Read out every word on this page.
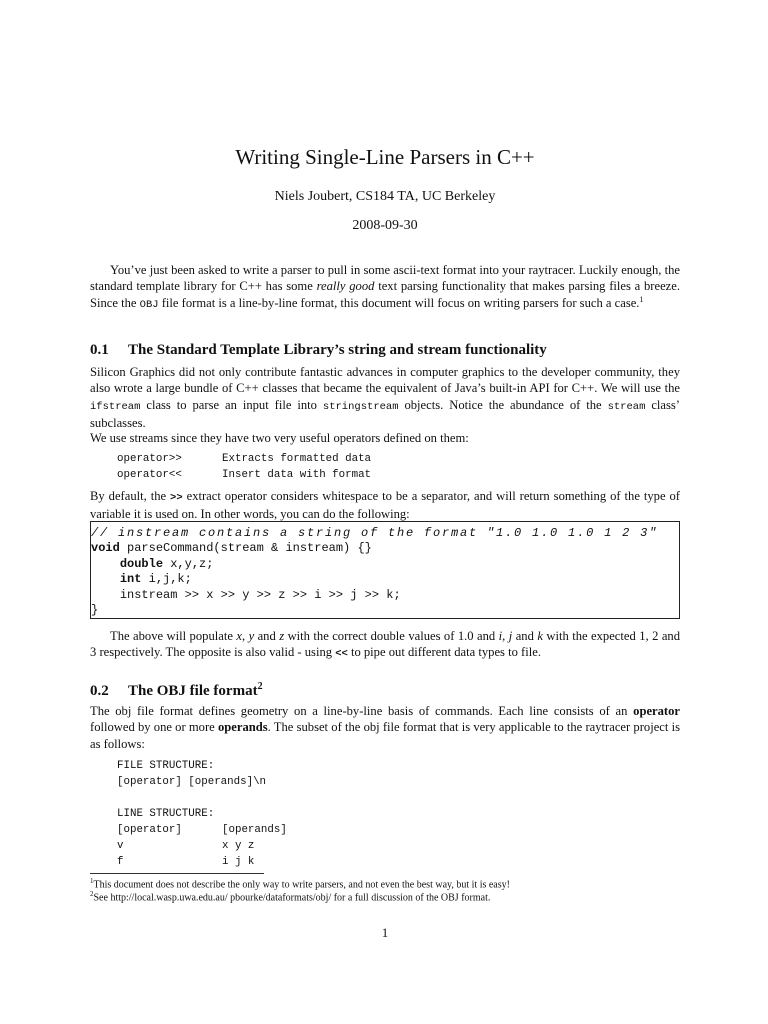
Writing Single-Line Parsers in C++
Niels Joubert, CS184 TA, UC Berkeley
2008-09-30
You’ve just been asked to write a parser to pull in some ascii-text format into your raytracer. Luckily enough, the standard template library for C++ has some really good text parsing functionality that makes parsing files a breeze. Since the OBJ file format is a line-by-line format, this document will focus on writing parsers for such a case.$^1$
0.1 The Standard Template Library’s string and stream functionality
Silicon Graphics did not only contribute fantastic advances in computer graphics to the developer community, they also wrote a large bundle of C++ classes that became the equivalent of Java’s built-in API for C++. We will use the ifstream class to parse an input file into stringstream objects. Notice the abundance of the stream class’ subclasses.
We use streams since they have two very useful operators defined on them:
operator>>	Extracts formatted data
operator<<	Insert data with format
By default, the >> extract operator considers whitespace to be a separator, and will return something of the type of variable it is used on. In other words, you can do the following:
// instream contains a string of the format "1.0 1.0 1.0 1 2 3"
void parseCommand(stream & instream) {}
double x,y,z;
int i,j,k;
instream >> x >> y >> z >> i >> j >> k;
}
The above will populate x, y and z with the correct double values of 1.0 and i, j and k with the expected 1, 2 and 3 respectively. The opposite is also valid - using << to pipe out different data types to file.
0.2 The OBJ file format$^2$
The obj file format defines geometry on a line-by-line basis of commands. Each line consists of an operator followed by one or more operands. The subset of the obj file format that is very applicable to the raytracer project is as follows:
FILE STRUCTURE:
[operator] [operands]\n
LINE STRUCTURE:
[operator]	[operands]
v	x y z
f	i j k
$^1$This document does not describe the only way to write parsers, and not even the best way, but it is easy!
$^2$See http://local.wasp.uwa.edu.au/ pbourke/dataformats/obj/ for a full discussion of the OBJ format.
1
